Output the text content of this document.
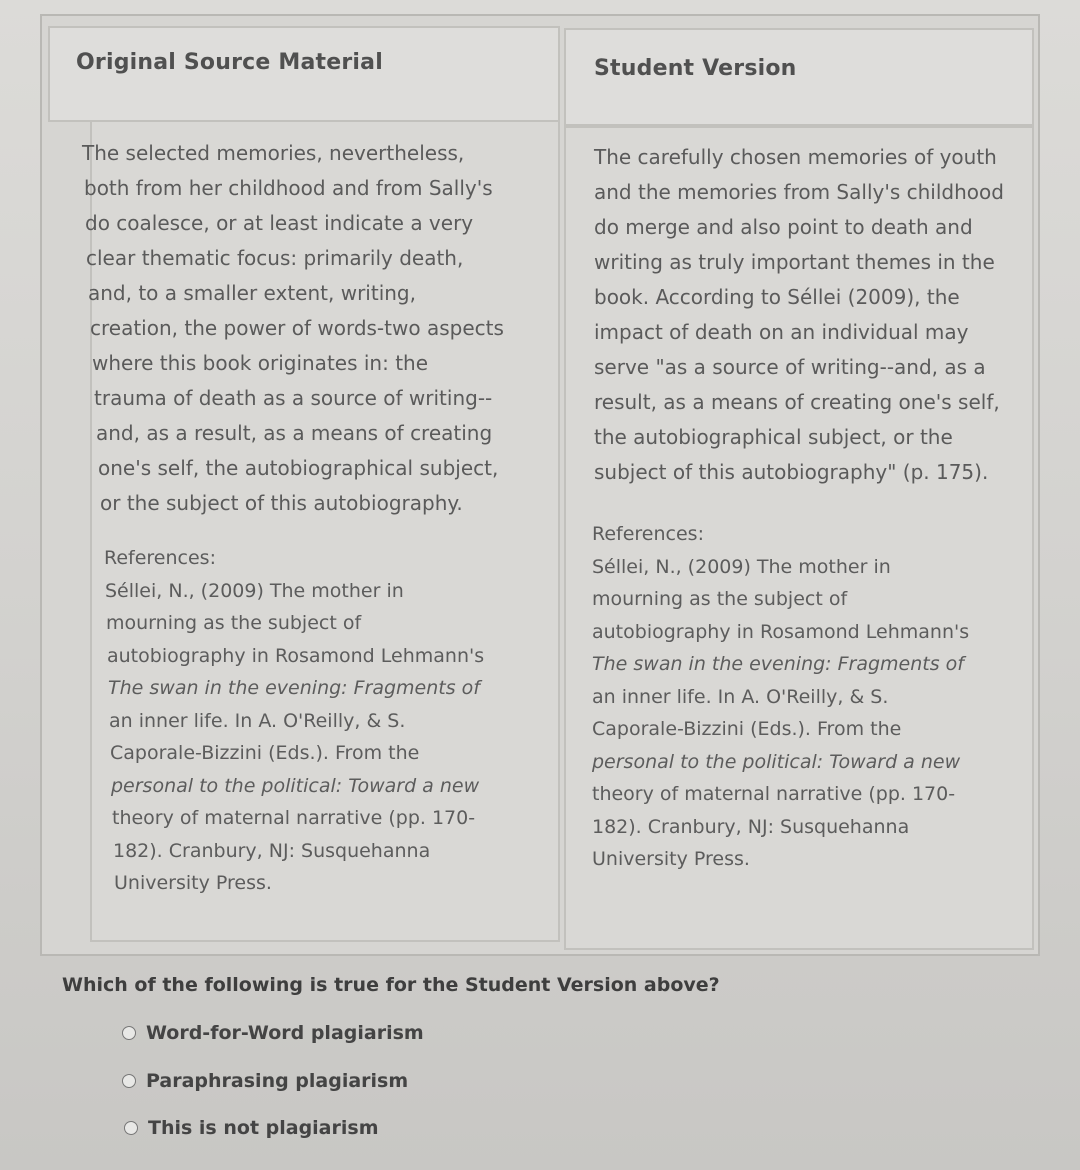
Original Source Material	Student Version

The selected memories, nevertheless,

both from her childhood and from Sally's

do coalesce, or at least indicate a very

clear thematic focus: primarily death,

and, to a smaller extent, writing,

creation, the power of words-two aspects

where this book originates in: the

trauma of death as a source of writing--

and, as a result, as a means of creating

one's self, the autobiographical subject,

or the subject of this autobiography.

References:

Séllei, N., (2009) The mother in

mourning as the subject of

autobiography in Rosamond Lehmann's

The swan in the evening: Fragments of

an inner life. In A. O'Reilly, & S.

Caporale-Bizzini (Eds.). From the

personal to the political: Toward a new

theory of maternal narrative (pp. 170-

182). Cranbury, NJ: Susquehanna

University Press.

The carefully chosen memories of youth

and the memories from Sally's childhood

do merge and also point to death and

writing as truly important themes in the

book. According to Séllei (2009), the

impact of death on an individual may

serve "as a source of writing--and, as a

result, as a means of creating one's self,

the autobiographical subject, or the

subject of this autobiography" (p. 175).

References:

Séllei, N., (2009) The mother in

mourning as the subject of

autobiography in Rosamond Lehmann's

The swan in the evening: Fragments of

an inner life. In A. O'Reilly, & S.

Caporale-Bizzini (Eds.). From the

personal to the political: Toward a new

theory of maternal narrative (pp. 170-

182). Cranbury, NJ: Susquehanna

University Press.

Which of the following is true for the Student Version above?
Word-for-Word plagiarism
Paraphrasing plagiarism
This is not plagiarism
